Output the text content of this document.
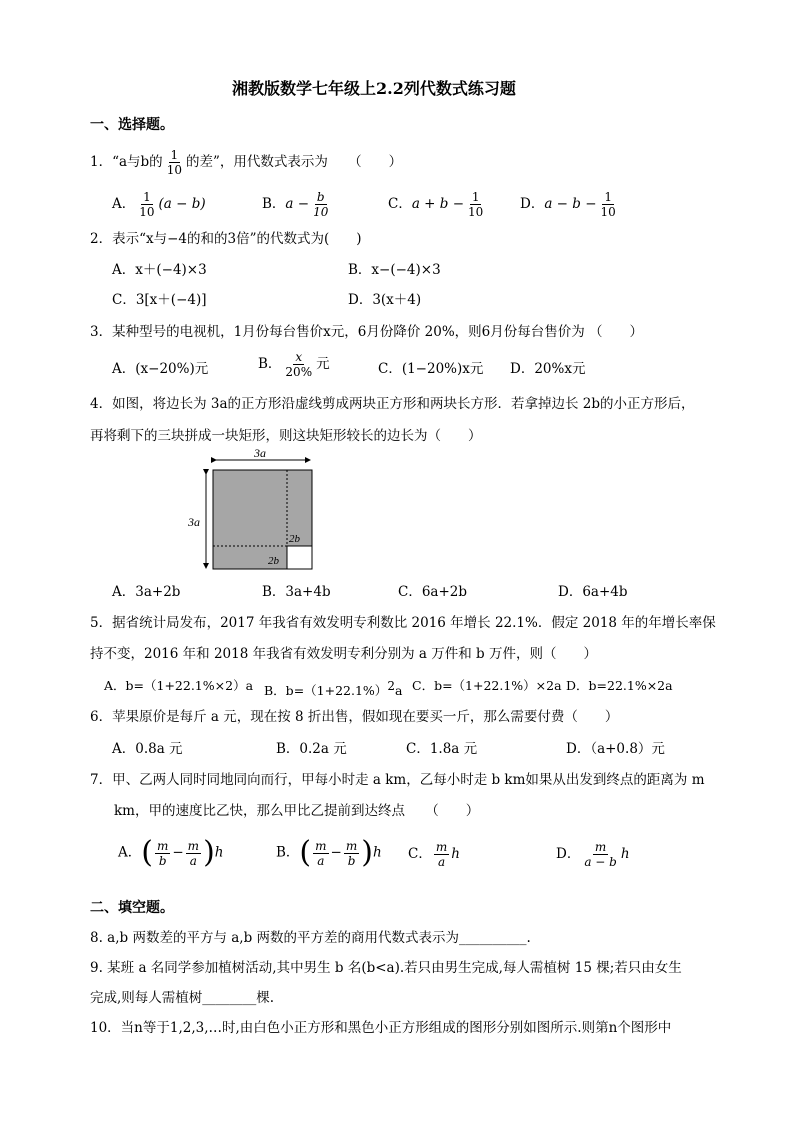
湘教版数学七年级上2.2列代数式练习题
一、选择题。
1．“a与b的 $\frac{1}{10}$ 的差”，用代数式表示为　　（　　）
A． $\frac{1}{10} (a - b)$	B．$a - \frac{b}{10}$	C．$a + b - \frac{1}{10}$	D．$a - b - \frac{1}{10}$
2．表示“x与−4的和的3倍”的代数式为(　　)
A．x＋(−4)×3	B．x−(−4)×3
C．3[x＋(−4)]	D．3(x＋4)
3．某种型号的电视机，1月份每台售价x元，6月份降价 20%，则6月份每台售价为 （　　）
A．(x−20%)元	B． $\frac{x}{20\%}$ 元	C．(1−20%)x元 D．20%x元
4．如图，将边长为 3a的正方形沿虚线剪成两块正方形和两块长方形．若拿掉边长 2b的小正方形后，
再将剩下的三块拼成一块矩形，则这块矩形较长的边长为（　　）
3a
3a
2b
2b
A．3a+2b	B．3a+4b	C．6a+2b	D．6a+4b
5．据省统计局发布，2017 年我省有效发明专利数比 2016 年增长 22.1%．假定 2018 年的年增长率保
持不变，2016 年和 2018 年我省有效发明专利分别为 a 万件和 b 万件，则（　　）
A．b=（1+22.1%×2）a B．$b=(1+22.1\%)^2a$ C．b=（1+22.1%）×2a D．b=22.1%×2a
6．苹果原价是每斤 a 元，现在按 8 折出售，假如现在要买一斤，那么需要付费（　　）
A．0.8a 元	B．0.2a 元	C．1.8a 元	D．（a+0.8）元
7．甲、乙两人同时同地同向而行，甲每小时走 a km，乙每小时走 b km如果从出发到终点的距离为 m
km，甲的速度比乙快，那么甲比乙提前到达终点　　（　　）
A．( $\frac{m}{b} - \frac{m}{a} )h$	B．( $\frac{m}{a} - \frac{m}{b} )h$ C． $\frac{m}{a}$ h	D． $\frac{m}{a - b}$ h
二、填空题。
8. a,b 两数差的平方与 a,b 两数的平方差的商用代数式表示为__________.
9. 某班 a 名同学参加植树活动,其中男生 b 名(b<a).若只由男生完成,每人需植树 15 棵;若只由女生
完成,则每人需植树________棵.
10．当n等于1,2,3,…时,由白色小正方形和黑色小正方形组成的图形分别如图所示.则第n个图形中
